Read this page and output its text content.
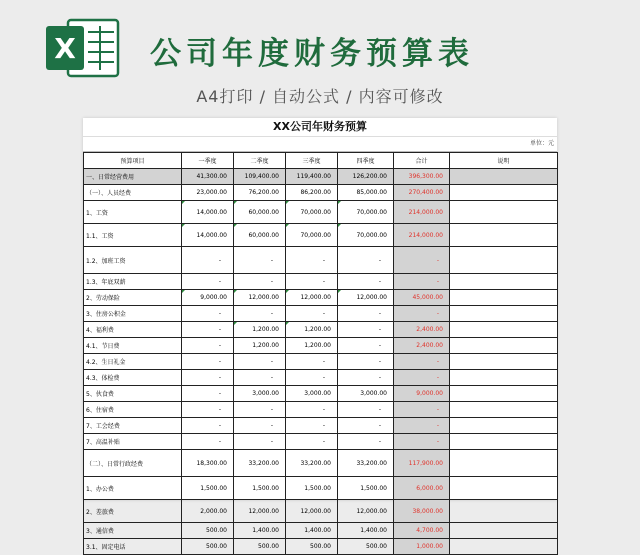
X 公司年度财务预算表
A4打印 / 自动公式 / 内容可修改
XX公司年财务预算
单位：元
预算项目	一季度	二季度	三季度	四季度	合计	说明
一、日常经营费用	41,300.00	109,400.00	119,400.00	126,200.00	396,300.00	
（一）、人员经费	23,000.00	76,200.00	86,200.00	85,000.00	270,400.00	
1、工资	14,000.00	60,000.00	70,000.00	70,000.00	214,000.00	
1.1、工资	14,000.00	60,000.00	70,000.00	70,000.00	214,000.00	
1.2、加班工资	-	-	-	-	-	
1.3、年底双薪	-	-	-	-	-	
2、劳动保险	9,000.00	12,000.00	12,000.00	12,000.00	45,000.00	
3、住房公积金	-	-	-	-	-	
4、福利费	-	1,200.00	1,200.00	-	2,400.00	
4.1、节日费	-	1,200.00	1,200.00	-	2,400.00	
4.2、生日礼金	-	-	-	-	-	
4.3、体检费	-	-	-	-	-	
5、伙食费	-	3,000.00	3,000.00	3,000.00	9,000.00	
6、住宿费	-	-	-	-	-	
7、工会经费	-	-	-	-	-	
7、高温补贴	-	-	-	-	-	
（二）、日常行政经费	18,300.00	33,200.00	33,200.00	33,200.00	117,900.00	
1、办公费	1,500.00	1,500.00	1,500.00	1,500.00	6,000.00	
2、差旅费	2,000.00	12,000.00	12,000.00	12,000.00	38,000.00	
3、通信费	500.00	1,400.00	1,400.00	1,400.00	4,700.00	
3.1、固定电话	500.00	500.00	500.00	500.00	1,000.00	
